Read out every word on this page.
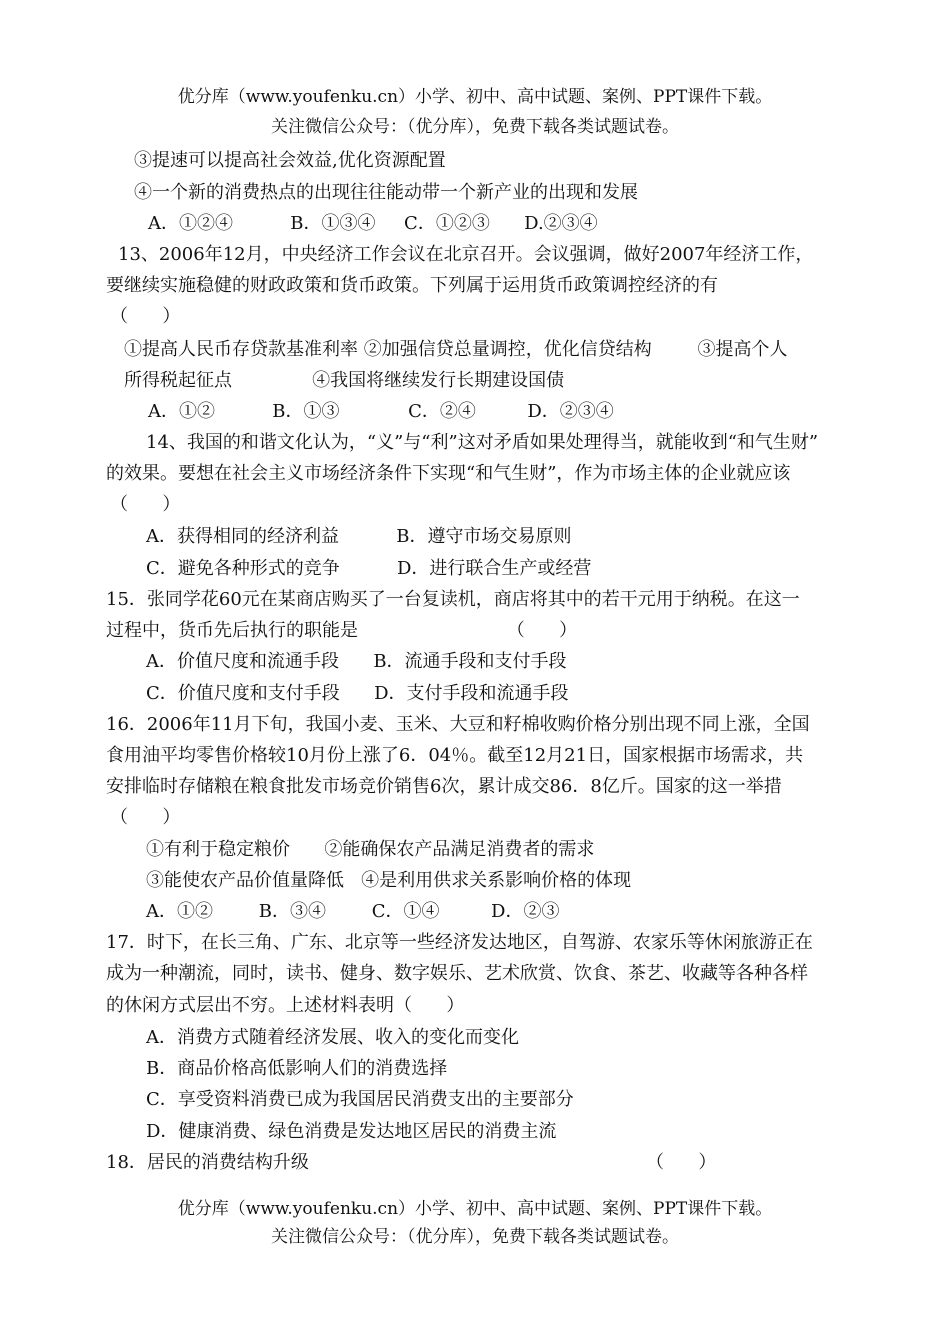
优分库（www.youfenku.cn）小学、初中、高中试题、案例、PPT课件下载。
关注微信公众号：（优分库），免费下载各类试题试卷。
③提速可以提高社会效益,优化资源配置
④一个新的消费热点的出现往往能动带一个新产业的出现和发展
A．①②④          B．①③④     C．①②③      D.②③④
13、2006年12月，中央经济工作会议在北京召开。会议强调，做好2007年经济工作，
要继续实施稳健的财政政策和货币政策。下列属于运用货币政策调控经济的有
（      ）
①提高人民币存贷款基准利率 ②加强信贷总量调控，优化信贷结构        ③提高个人
所得税起征点              ④我国将继续发行长期建设国债
A．①②          B．①③            C．②④         D．②③④
14、我国的和谐文化认为，“义”与“利”这对矛盾如果处理得当，就能收到“和气生财”
的效果。要想在社会主义市场经济条件下实现“和气生财”，作为市场主体的企业就应该
（      ）
A．获得相同的经济利益          B．遵守市场交易原则
C．避免各种形式的竞争          D．进行联合生产或经营
15．张同学花60元在某商店购买了一台复读机，商店将其中的若干元用于纳税。在这一
过程中，货币先后执行的职能是                          （      ）
A．价值尺度和流通手段      B．流通手段和支付手段
C．价值尺度和支付手段      D．支付手段和流通手段
16．2006年11月下旬，我国小麦、玉米、大豆和籽棉收购价格分别出现不同上涨，全国
食用油平均零售价格较10月份上涨了6．04％。截至12月21日，国家根据市场需求，共
安排临时存储粮在粮食批发市场竞价销售6次，累计成交86．8亿斤。国家的这一举措
（      ）
①有利于稳定粮价      ②能确保农产品满足消费者的需求
③能使农产品价值量降低   ④是利用供求关系影响价格的体现
A．①②        B．③④        C．①④         D．②③
17．时下，在长三角、广东、北京等一些经济发达地区，自驾游、农家乐等休闲旅游正在
成为一种潮流，同时，读书、健身、数字娱乐、艺术欣赏、饮食、茶艺、收藏等各种各样
的休闲方式层出不穷。上述材料表明（      ）
A．消费方式随着经济发展、收入的变化而变化
B．商品价格高低影响人们的消费选择
C．享受资料消费已成为我国居民消费支出的主要部分
D．健康消费、绿色消费是发达地区居民的消费主流
18．居民的消费结构升级	（      ）
优分库（www.youfenku.cn）小学、初中、高中试题、案例、PPT课件下载。
关注微信公众号：（优分库），免费下载各类试题试卷。
